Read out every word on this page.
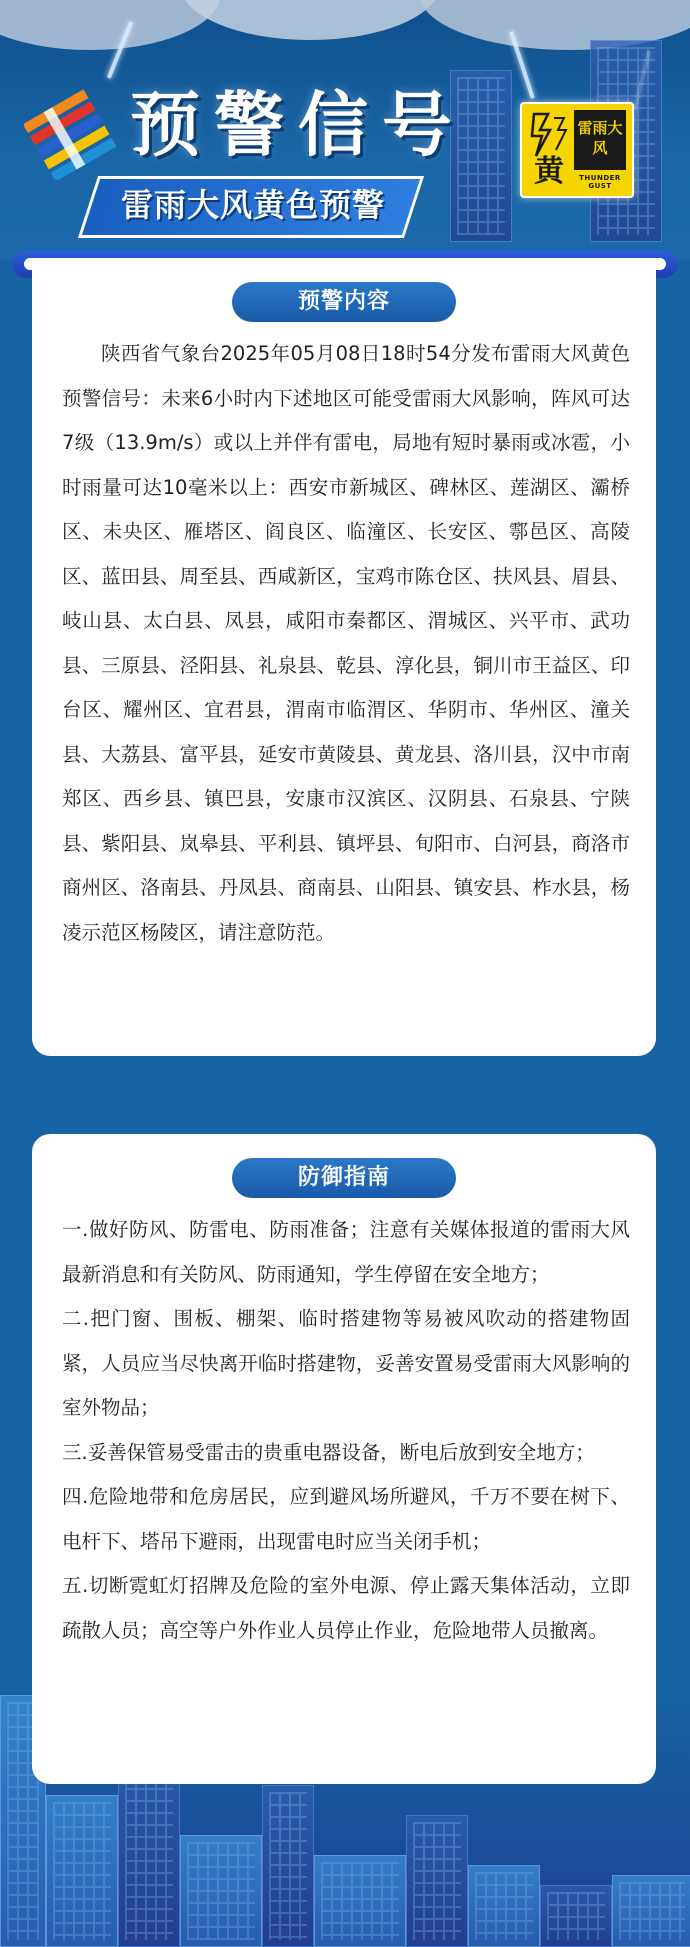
预警信号
雷雨大风黄色预警
黄
雷雨大风
THUNDER GUST
预警内容
陕西省气象台2025年05月08日18时54分发布雷雨大风黄色预警信号：未来6小时内下述地区可能受雷雨大风影响，阵风可达7级（13.9m/s）或以上并伴有雷电，局地有短时暴雨或冰雹，小时雨量可达10毫米以上：西安市新城区、碑林区、莲湖区、灞桥区、未央区、雁塔区、阎良区、临潼区、长安区、鄠邑区、高陵区、蓝田县、周至县、西咸新区，宝鸡市陈仓区、扶风县、眉县、岐山县、太白县、凤县，咸阳市秦都区、渭城区、兴平市、武功县、三原县、泾阳县、礼泉县、乾县、淳化县，铜川市王益区、印台区、耀州区、宜君县，渭南市临渭区、华阴市、华州区、潼关县、大荔县、富平县，延安市黄陵县、黄龙县、洛川县，汉中市南郑区、西乡县、镇巴县，安康市汉滨区、汉阴县、石泉县、宁陕县、紫阳县、岚皋县、平利县、镇坪县、旬阳市、白河县，商洛市商州区、洛南县、丹凤县、商南县、山阳县、镇安县、柞水县，杨凌示范区杨陵区，请注意防范。
防御指南

一.做好防风、防雷电、防雨准备；注意有关媒体报道的雷雨大风最新消息和有关防风、防雨通知，学生停留在安全地方；

二.把门窗、围板、棚架、临时搭建物等易被风吹动的搭建物固紧，人员应当尽快离开临时搭建物，妥善安置易受雷雨大风影响的室外物品；

三.妥善保管易受雷击的贵重电器设备，断电后放到安全地方；

四.危险地带和危房居民，应到避风场所避风，千万不要在树下、电杆下、塔吊下避雨，出现雷电时应当关闭手机；

五.切断霓虹灯招牌及危险的室外电源、停止露天集体活动，立即疏散人员；高空等户外作业人员停止作业，危险地带人员撤离。
